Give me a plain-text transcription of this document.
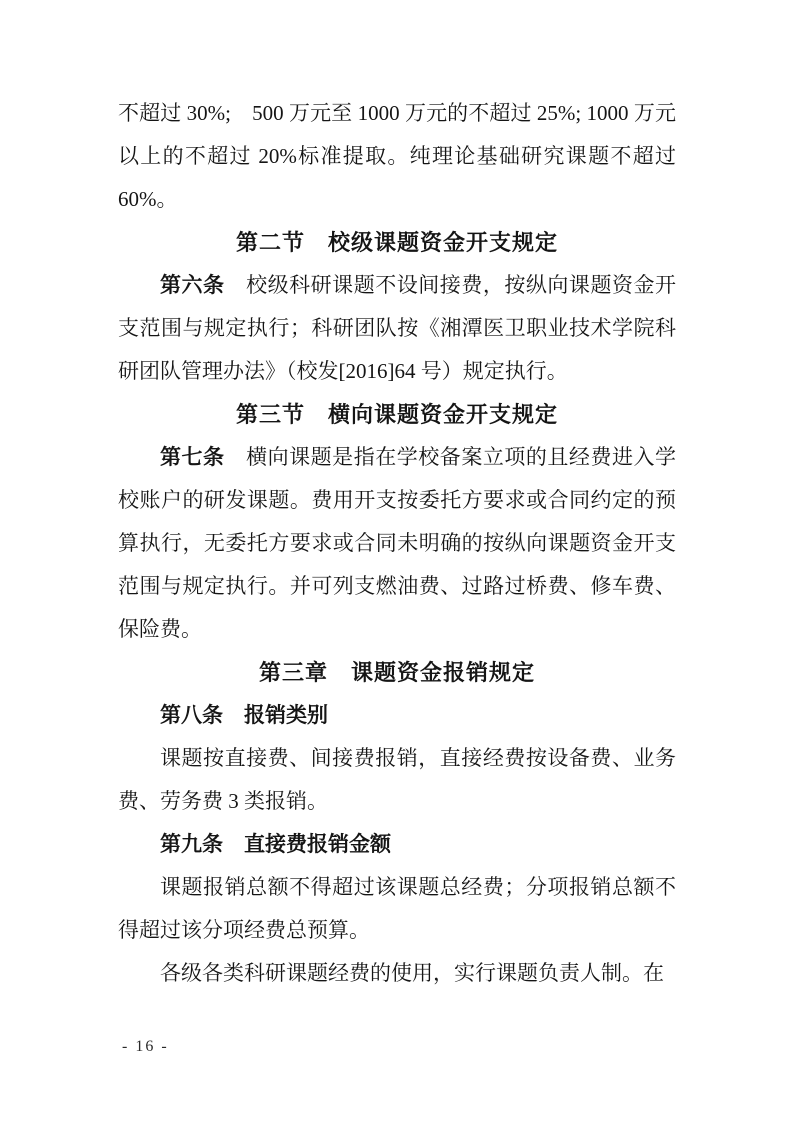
不超过 30%;　500 万元至 1000 万元的不超过 25%; 1000 万元以上的不超过 20%标准提取。纯理论基础研究课题不超过 60%。

第二节　校级课题资金开支规定

第六条　校级科研课题不设间接费，按纵向课题资金开支范围与规定执行；科研团队按《湘潭医卫职业技术学院科研团队管理办法》（校发[2016]64 号）规定执行。

第三节　横向课题资金开支规定

第七条　横向课题是指在学校备案立项的且经费进入学校账户的研发课题。费用开支按委托方要求或合同约定的预算执行，无委托方要求或合同未明确的按纵向课题资金开支范围与规定执行。并可列支燃油费、过路过桥费、修车费、保险费。

第三章　课题资金报销规定

第八条　报销类别

课题按直接费、间接费报销，直接经费按设备费、业务费、劳务费 3 类报销。

第九条　直接费报销金额

课题报销总额不得超过该课题总经费；分项报销总额不得超过该分项经费总预算。

各级各类科研课题经费的使用，实行课题负责人制。在

- 16 -
